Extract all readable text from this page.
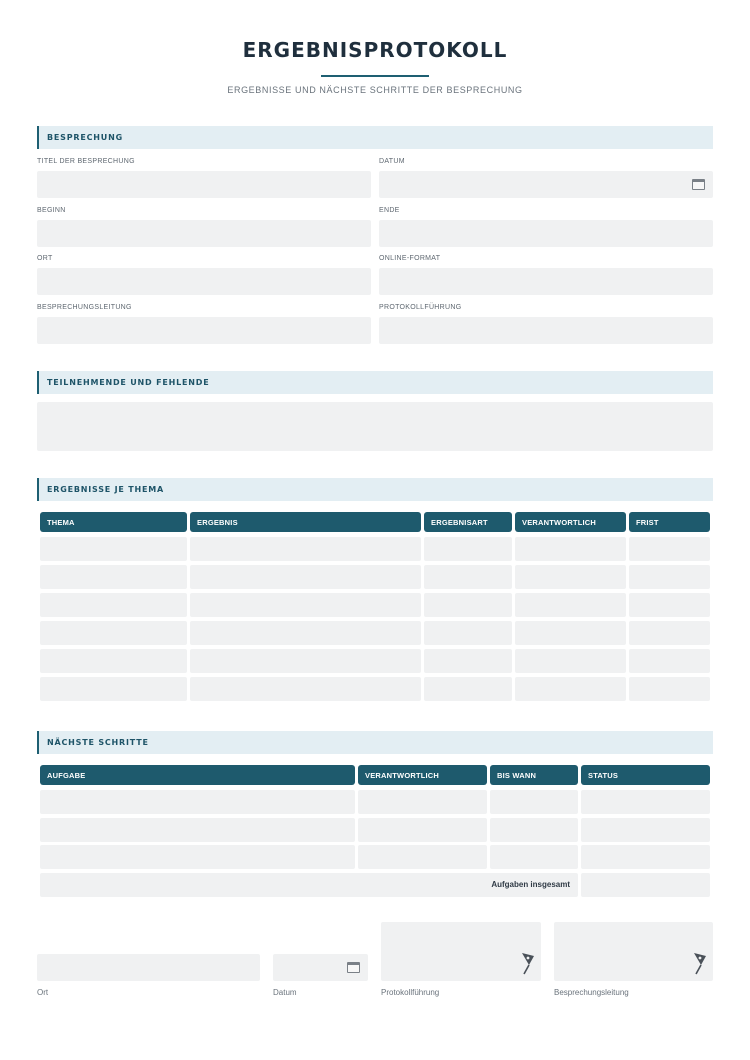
ERGEBNISPROTOKOLL
ERGEBNISSE UND NÄCHSTE SCHRITTE DER BESPRECHUNG
BESPRECHUNG
TITEL DER BESPRECHUNG	DATUM
BEGINN	ENDE
ORT	ONLINE-FORMAT
BESPRECHUNGSLEITUNG	PROTOKOLLFÜHRUNG
TEILNEHMENDE UND FEHLENDE
ERGEBNISSE JE THEMA
THEMA	ERGEBNIS	ERGEBNISART	VERANTWORTLICH	FRIST
NÄCHSTE SCHRITTE
AUFGABE	VERANTWORTLICH	BIS WANN	STATUS
Aufgaben insgesamt
Ort	Datum	Protokollführung	Besprechungsleitung
